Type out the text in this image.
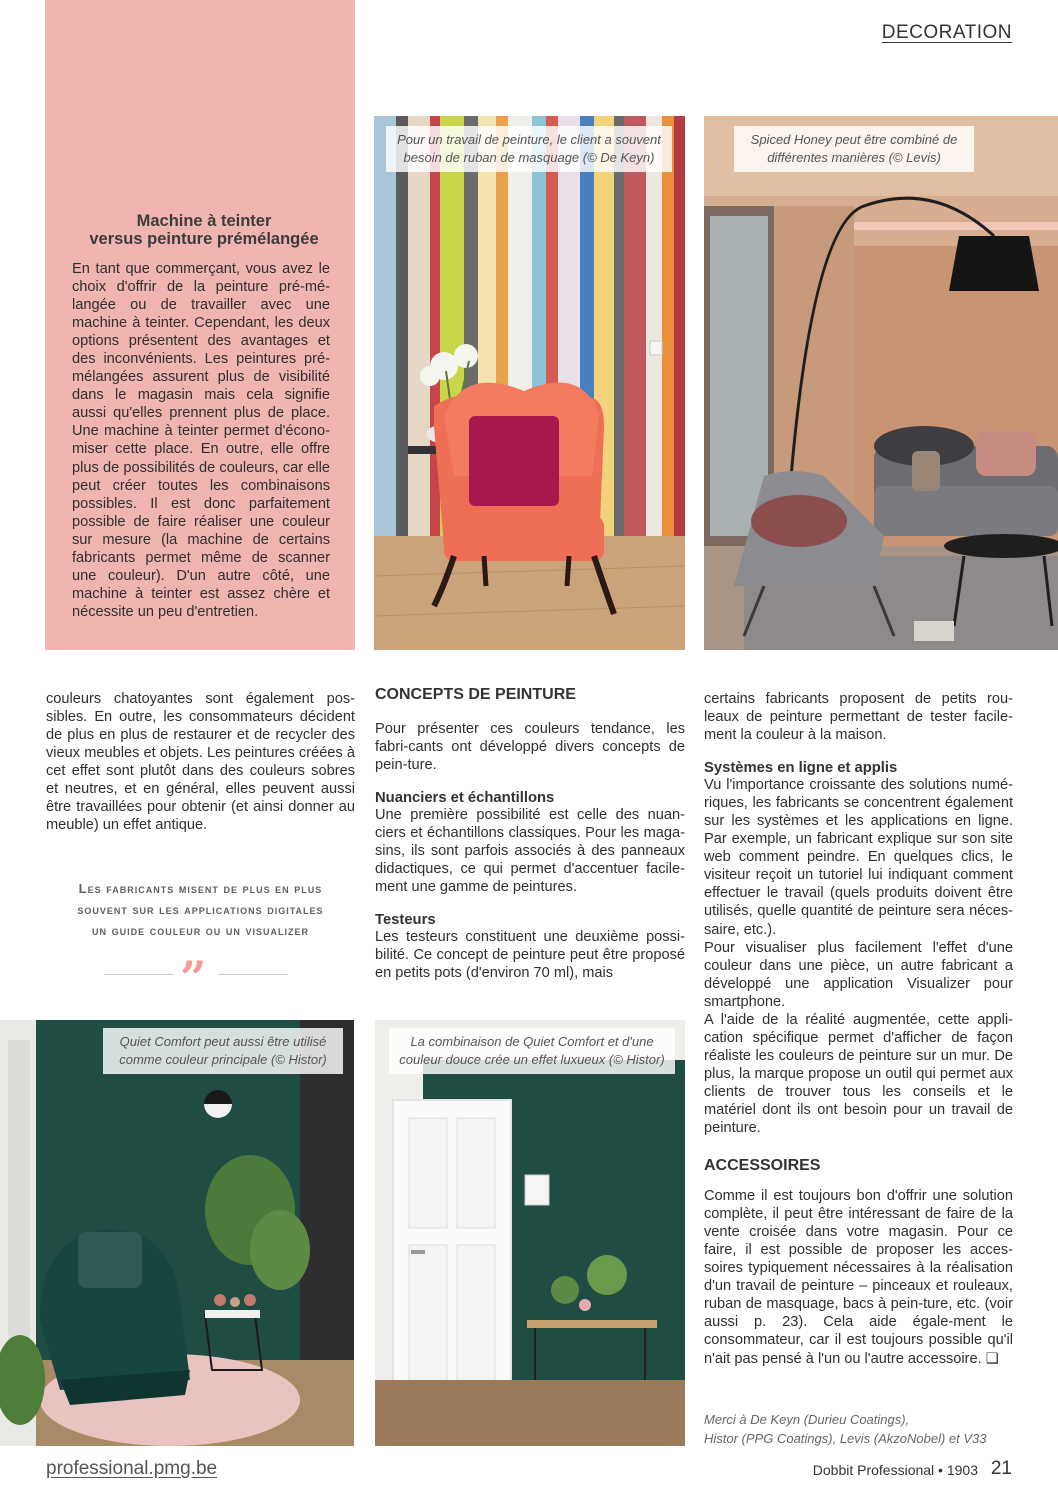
DECORATION
Machine à teinter
versus peinture prémélangée
En tant que commerçant, vous avez le choix d'offrir de la peinture pré-mé-langée ou de travailler avec une machine à teinter. Cependant, les deux options présentent des avantages et des inconvénients. Les peintures pré-mélangées assurent plus de visibilité dans le magasin mais cela signifie aussi qu'elles prennent plus de place. Une machine à teinter permet d'écono-miser cette place. En outre, elle offre plus de possibilités de couleurs, car elle peut créer toutes les combinaisons possibles. Il est donc parfaitement possible de faire réaliser une couleur sur mesure (la machine de certains fabricants permet même de scanner une couleur). D'un autre côté, une machine à teinter est assez chère et nécessite un peu d'entretien.
Pour un travail de peinture, le client a souvent besoin de ruban de masquage (© De Keyn)
Spiced Honey peut être combiné de différentes manières (© Levis)
couleurs chatoyantes sont également pos-sibles. En outre, les consommateurs décident de plus en plus de restaurer et de recycler des vieux meubles et objets. Les peintures créées à cet effet sont plutôt dans des couleurs sobres et neutres, et en général, elles peuvent aussi être travaillées pour obtenir (et ainsi donner au meuble) un effet antique.
Les fabricants misent de plus en plus
souvent sur les applications digitales
un guide couleur ou un visualizer
”
CONCEPTS DE PEINTURE
Pour présenter ces couleurs tendance, les fabri-cants ont développé divers concepts de pein-ture.
Nuanciers et échantillons
Une première possibilité est celle des nuan-ciers et échantillons classiques. Pour les maga-sins, ils sont parfois associés à des panneaux didactiques, ce qui permet d'accentuer facile-ment une gamme de peintures.
Testeurs
Les testeurs constituent une deuxième possi-bilité. Ce concept de peinture peut être proposé en petits pots (d'environ 70 ml), mais
certains fabricants proposent de petits rou-leaux de peinture permettant de tester facile-ment la couleur à la maison.
Systèmes en ligne et applis
Vu l'importance croissante des solutions numé-riques, les fabricants se concentrent également sur les systèmes et les applications en ligne. Par exemple, un fabricant explique sur son site web comment peindre. En quelques clics, le visiteur reçoit un tutoriel lui indiquant comment effectuer le travail (quels produits doivent être utilisés, quelle quantité de peinture sera néces-saire, etc.).
Pour visualiser plus facilement l'effet d'une couleur dans une pièce, un autre fabricant a développé une application Visualizer pour smartphone.
A l'aide de la réalité augmentée, cette appli-cation spécifique permet d'afficher de façon réaliste les couleurs de peinture sur un mur. De plus, la marque propose un outil qui permet aux clients de trouver tous les conseils et le matériel dont ils ont besoin pour un travail de peinture.
ACCESSOIRES
Comme il est toujours bon d'offrir une solution complète, il peut être intéressant de faire de la vente croisée dans votre magasin. Pour ce faire, il est possible de proposer les acces-soires typiquement nécessaires à la réalisation d'un travail de peinture – pinceaux et rouleaux, ruban de masquage, bacs à pein-ture, etc. (voir aussi p. 23). Cela aide égale-ment le consommateur, car il est toujours possible qu'il n'ait pas pensé à l'un ou l'autre accessoire. ❏
Merci à De Keyn (Durieu Coatings),
Histor (PPG Coatings), Levis (AkzoNobel) et V33
Quiet Comfort peut aussi être utilisé comme couleur principale (© Histor)
La combinaison de Quiet Comfort et d'une couleur douce crée un effet luxueux (© Histor)
professional.pmg.be	Dobbit Professional • 1903 21
